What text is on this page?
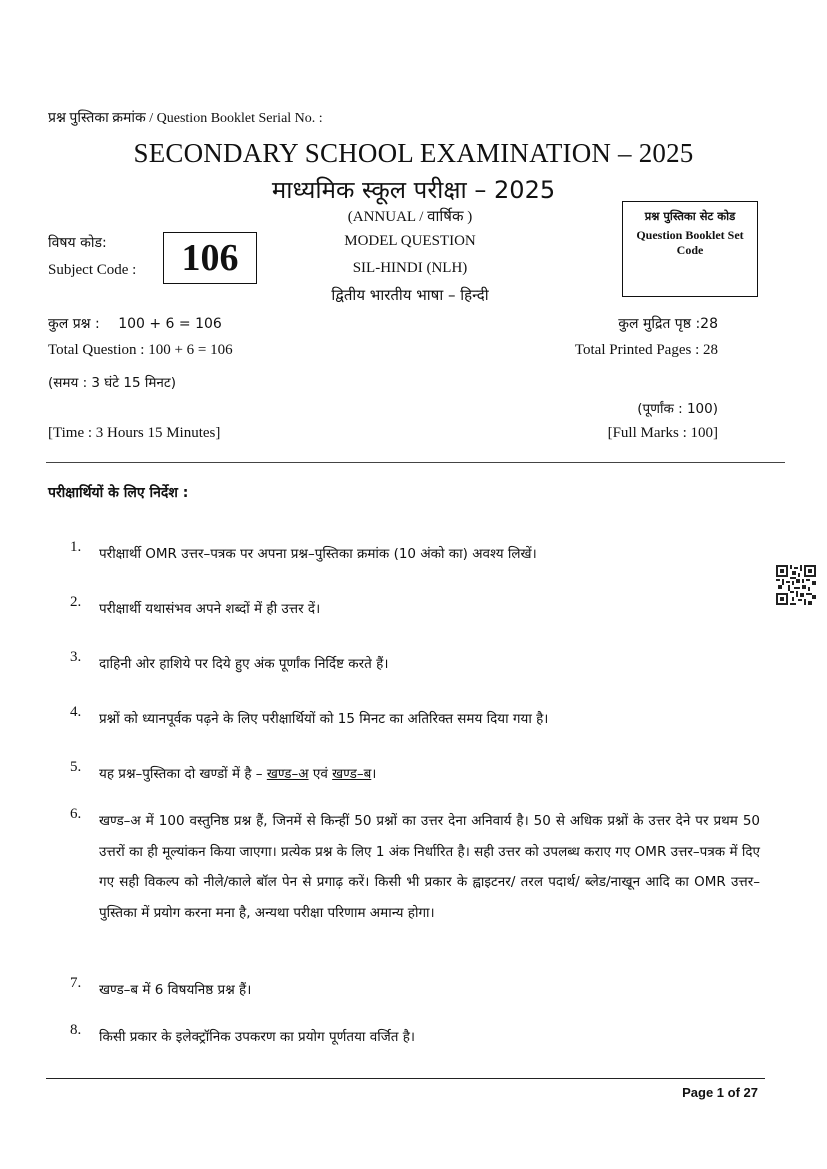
प्रश्न पुस्तिका क्रमांक / Question Booklet Serial No. :
SECONDARY SCHOOL EXAMINATION – 2025
माध्यमिक स्कूल परीक्षा – 2025
(ANNUAL / वार्षिक )
MODEL QUESTION
SIL-HINDI (NLH)
द्वितीय भारतीय भाषा – हिन्दी
विषय कोड:
Subject Code :	106
प्रश्न पुस्तिका सेट कोड
Question Booklet Set Code
कुल प्रश्न : 100 + 6 = 106	कुल मुद्रित पृष्ठ :28
Total Question : 100 + 6 = 106	Total Printed Pages : 28
(समय : 3 घंटे 15 मिनट)
(पूर्णांक : 100)
[Time : 3 Hours 15 Minutes]	[Full Marks : 100]
परीक्षार्थियों के लिए निर्देश :
1.	परीक्षार्थी OMR उत्तर–पत्रक पर अपना प्रश्न–पुस्तिका क्रमांक (10 अंको का) अवश्य लिखें।
2.	परीक्षार्थी यथासंभव अपने शब्दों में ही उत्तर दें।
3.	दाहिनी ओर हाशिये पर दिये हुए अंक पूर्णांक निर्दिष्ट करते हैं।
4.	प्रश्नों को ध्यानपूर्वक पढ़ने के लिए परीक्षार्थियों को 15 मिनट का अतिरिक्त समय दिया गया है।
5.	यह प्रश्न–पुस्तिका दो खण्डों में है – खण्ड–अ एवं खण्ड–ब।
6.	खण्ड–अ में 100 वस्तुनिष्ठ प्रश्न हैं, जिनमें से किन्हीं 50 प्रश्नों का उत्तर देना अनिवार्य है। 50 से अधिक प्रश्नों के उत्तर देने पर प्रथम 50 उत्तरों का ही मूल्यांकन किया जाएगा। प्रत्येक प्रश्न के लिए 1 अंक निर्धारित है। सही उत्तर को उपलब्ध कराए गए OMR उत्तर–पत्रक में दिए गए सही विकल्प को नीले/काले बॉल पेन से प्रगाढ़ करें। किसी भी प्रकार के ह्वाइटनर/ तरल पदार्थ/ ब्लेड/नाखून आदि का OMR उत्तर–पुस्तिका में प्रयोग करना मना है, अन्यथा परीक्षा परिणाम अमान्य होगा।
7.	खण्ड–ब में 6 विषयनिष्ठ प्रश्न हैं।
8.	किसी प्रकार के इलेक्ट्रॉनिक उपकरण का प्रयोग पूर्णतया वर्जित है।
Page 1 of 27
